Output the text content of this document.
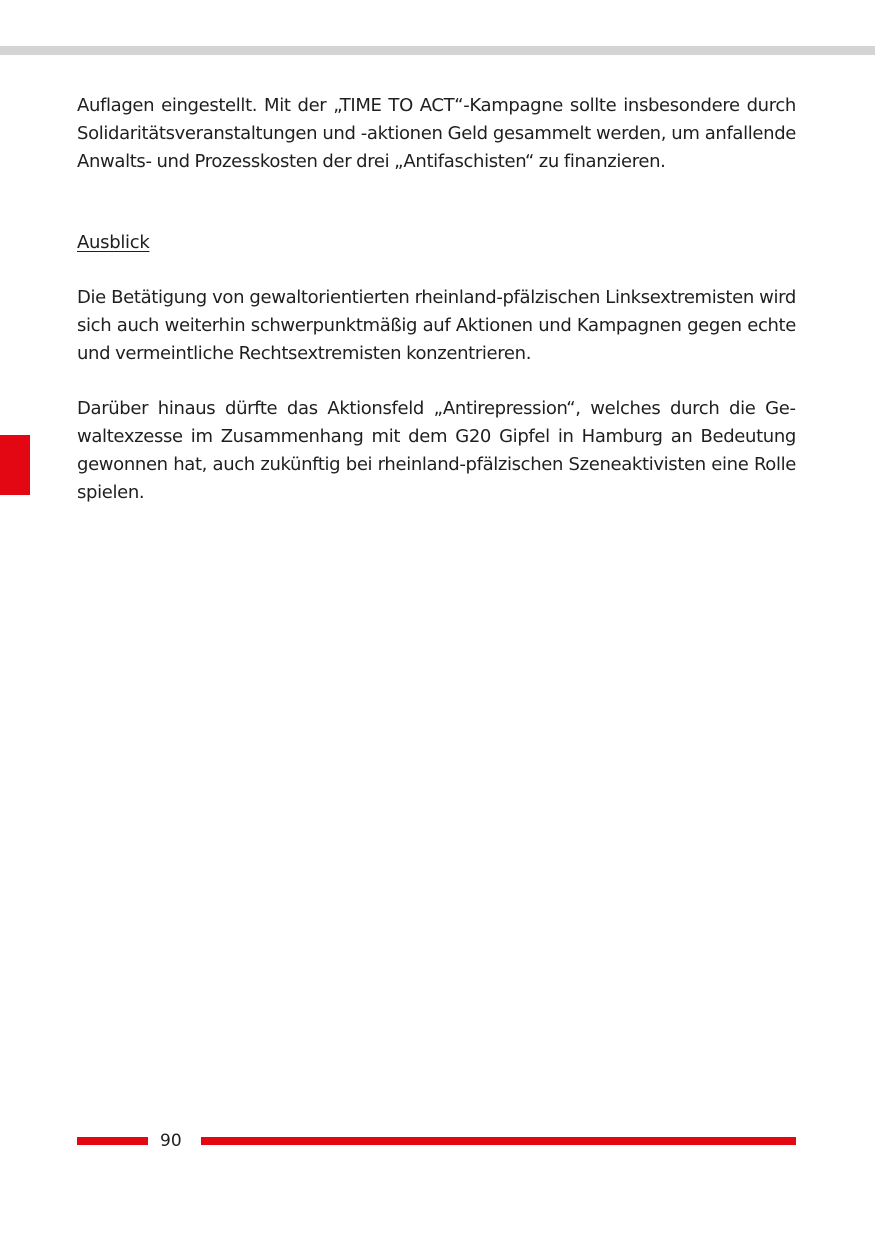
Auflagen eingestellt. Mit der „TIME TO ACT“-Kampagne sollte insbesondere durch Solidaritätsveranstaltungen und -aktionen Geld gesammelt werden, um anfallende Anwalts- und Prozesskosten der drei „Antifaschisten“ zu finanzieren.

Ausblick

Die Betätigung von gewaltorientierten rheinland-pfälzischen Linksextremisten wird sich auch weiterhin schwerpunktmäßig auf Aktionen und Kampagnen gegen echte und vermeintliche Rechtsextremisten konzentrieren.

Darüber hinaus dürfte das Aktionsfeld „Antirepression“, welches durch die Gewaltexzesse im Zusammenhang mit dem G20 Gipfel in Hamburg an Bedeutung gewonnen hat, auch zukünftig bei rheinland-pfälzischen Szeneaktivisten eine Rolle spielen.

90
